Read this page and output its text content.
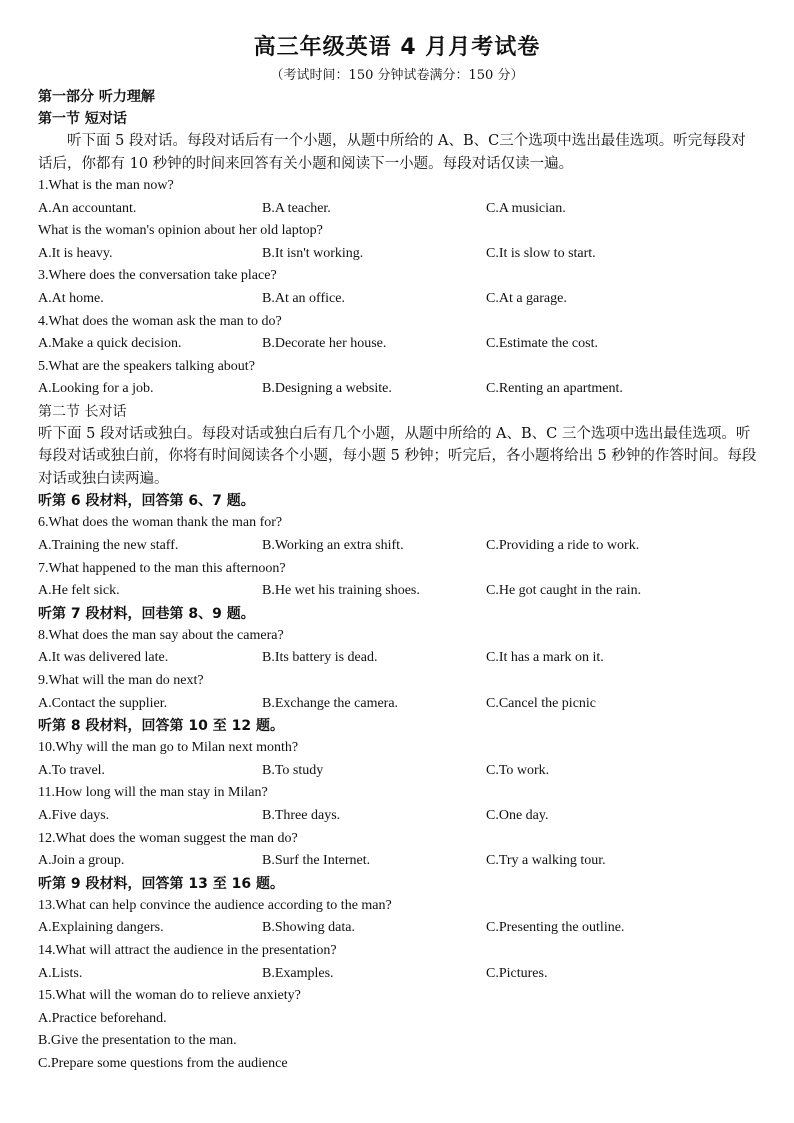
高三年级英语 4 月月考试卷
（考试时间：150 分钟试卷满分：150 分）
第一部分 听力理解
第一节 短对话
听下面 5 段对话。每段对话后有一个小题，从题中所给的 A、B、C三个选项中选出最佳选项。听完每段对话后，你都有 10 秒钟的时间来回答有关小题和阅读下一小题。每段对话仅读一遍。
1.What is the man now?
A.An accountant.	B.A teacher.	C.A musician.
What is the woman's opinion about her old laptop?
A.It is heavy.	B.It isn't working.	C.It is slow to start.
3.Where does the conversation take place?
A.At home.	B.At an office.	C.At a garage.
4.What does the woman ask the man to do?
A.Make a quick decision.	B.Decorate her house.	C.Estimate the cost.
5.What are the speakers talking about?
A.Looking for a job.	B.Designing a website.	C.Renting an apartment.
第二节 长对话
听下面 5 段对话或独白。每段对话或独白后有几个小题，从题中所给的 A、B、C 三个选项中选出最佳选项。听每段对话或独白前，你将有时间阅读各个小题，每小题 5 秒钟；听完后，各小题将给出 5 秒钟的作答时间。每段对话或独白读两遍。
听第 6 段材料，回答第 6、7 题。
6.What does the woman thank the man for?
A.Training the new staff.	B.Working an extra shift.	C.Providing a ride to work.
7.What happened to the man this afternoon?
A.He felt sick.	B.He wet his training shoes.	C.He got caught in the rain.
听第 7 段材料，回巷第 8、9 题。
8.What does the man say about the camera?
A.It was delivered late.	B.Its battery is dead.	C.It has a mark on it.
9.What will the man do next?
A.Contact the supplier.	B.Exchange the camera.	C.Cancel the picnic
听第 8 段材料，回答第 10 至 12 题。
10.Why will the man go to Milan next month?
A.To travel.	B.To study	C.To work.
11.How long will the man stay in Milan?
A.Five days.	B.Three days.	C.One day.
12.What does the woman suggest the man do?
A.Join a group.	B.Surf the Internet.	C.Try a walking tour.
听第 9 段材料，回答第 13 至 16 题。
13.What can help convince the audience according to the man?
A.Explaining dangers.	B.Showing data.	C.Presenting the outline.
14.What will attract the audience in the presentation?
A.Lists.	B.Examples.	C.Pictures.
15.What will the woman do to relieve anxiety?
A.Practice beforehand.
B.Give the presentation to the man.
C.Prepare some questions from the audience
